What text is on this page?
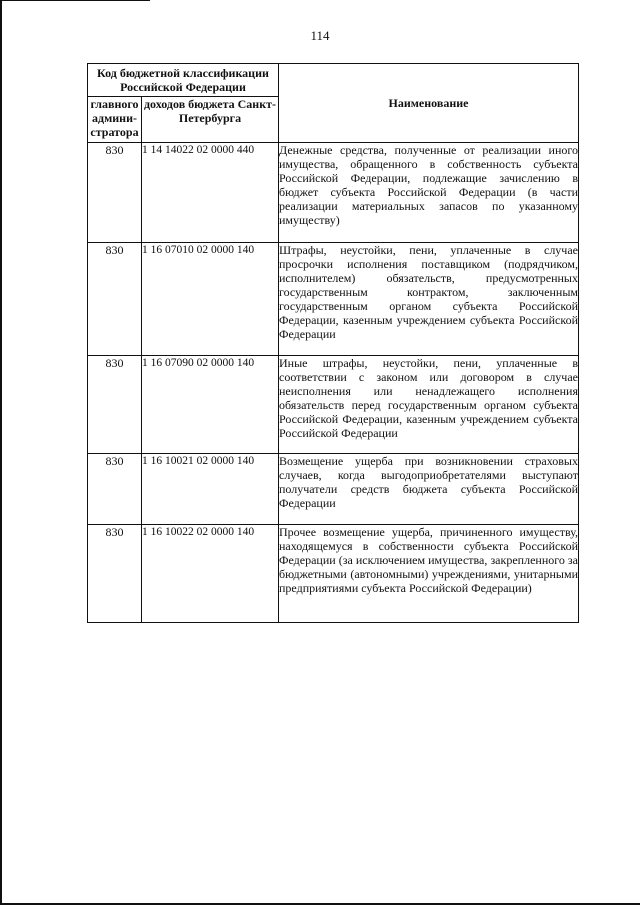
114
Код бюджетной классификации Российской Федерации		Наименование
главного админи-стратора	доходов бюджета Санкт-Петербурга	
830	1 14 14022 02 0000 440	Денежные средства, полученные от реализации иного имущества, обращенного в собственность субъекта Российской Федерации, подлежащие зачислению в бюджет субъекта Российской Федерации (в части реализации материальных запасов по указанному имуществу)
830	1 16 07010 02 0000 140	Штрафы, неустойки, пени, уплаченные в случае просрочки исполнения поставщиком (подрядчиком, исполнителем) обязательств, предусмотренных государственным контрактом, заключенным государственным органом субъекта Российской Федерации, казенным учреждением субъекта Российской Федерации
830	1 16 07090 02 0000 140	Иные штрафы, неустойки, пени, уплаченные в соответствии с законом или договором в случае неисполнения или ненадлежащего исполнения обязательств перед государственным органом субъекта Российской Федерации, казенным учреждением субъекта Российской Федерации
830	1 16 10021 02 0000 140	Возмещение ущерба при возникновении страховых случаев, когда выгодоприобретателями выступают получатели средств бюджета субъекта Российской Федерации
830	1 16 10022 02 0000 140	Прочее возмещение ущерба, причиненного имуществу, находящемуся в собственности субъекта Российской Федерации (за исключением имущества, закрепленного за бюджетными (автономными) учреждениями, унитарными предприятиями субъекта Российской Федерации)
